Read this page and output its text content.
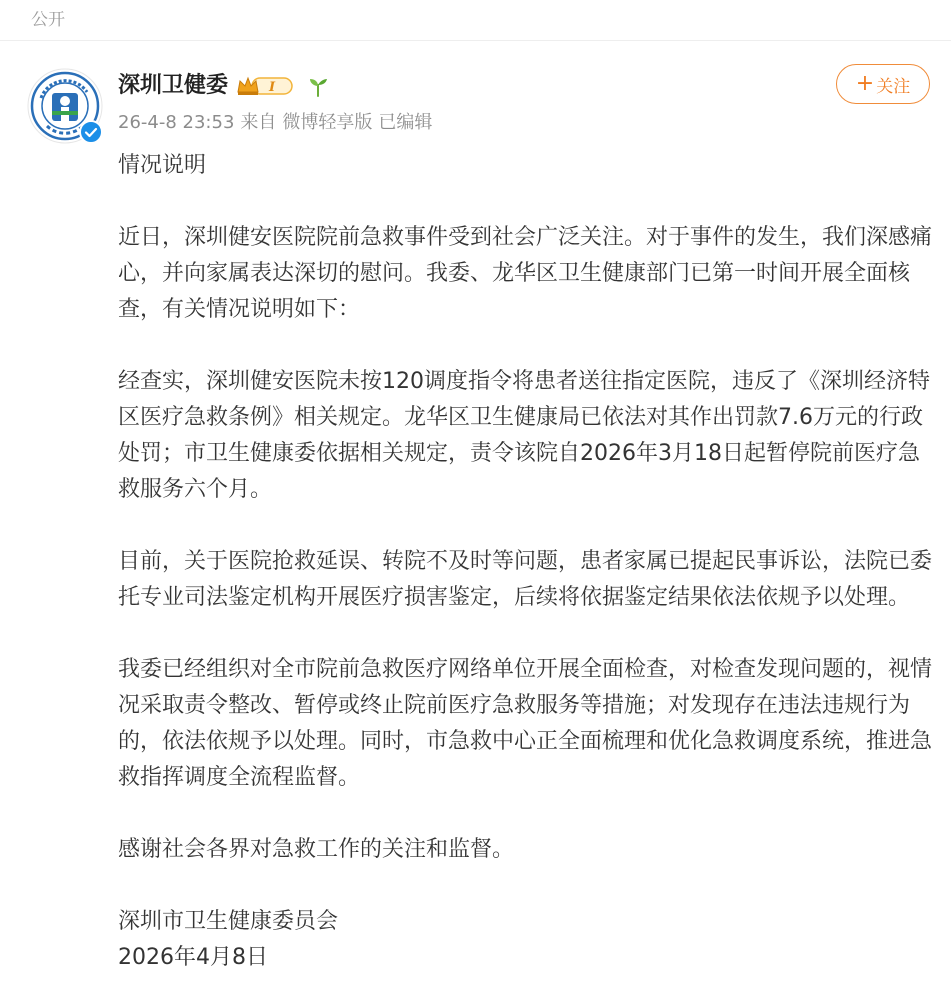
公开
深圳卫健委	I
26-4-8 23:53 来自 微博轻享版 已编辑
+ 关注

情况说明

近日，深圳健安医院院前急救事件受到社会广泛关注。对于事件的发生，我们深感痛心，并向家属表达深切的慰问。我委、龙华区卫生健康部门已第一时间开展全面核查，有关情况说明如下：

经查实，深圳健安医院未按120调度指令将患者送往指定医院，违反了《深圳经济特区医疗急救条例》相关规定。龙华区卫生健康局已依法对其作出罚款7.6万元的行政处罚；市卫生健康委依据相关规定，责令该院自2026年3月18日起暂停院前医疗急救服务六个月。

目前，关于医院抢救延误、转院不及时等问题，患者家属已提起民事诉讼，法院已委托专业司法鉴定机构开展医疗损害鉴定，后续将依据鉴定结果依法依规予以处理。

我委已经组织对全市院前急救医疗网络单位开展全面检查，对检查发现问题的，视情况采取责令整改、暂停或终止院前医疗急救服务等措施；对发现存在违法违规行为的，依法依规予以处理。同时，市急救中心正全面梳理和优化急救调度系统，推进急救指挥调度全流程监督。

感谢社会各界对急救工作的关注和监督。

深圳市卫生健康委员会

2026年4月8日
